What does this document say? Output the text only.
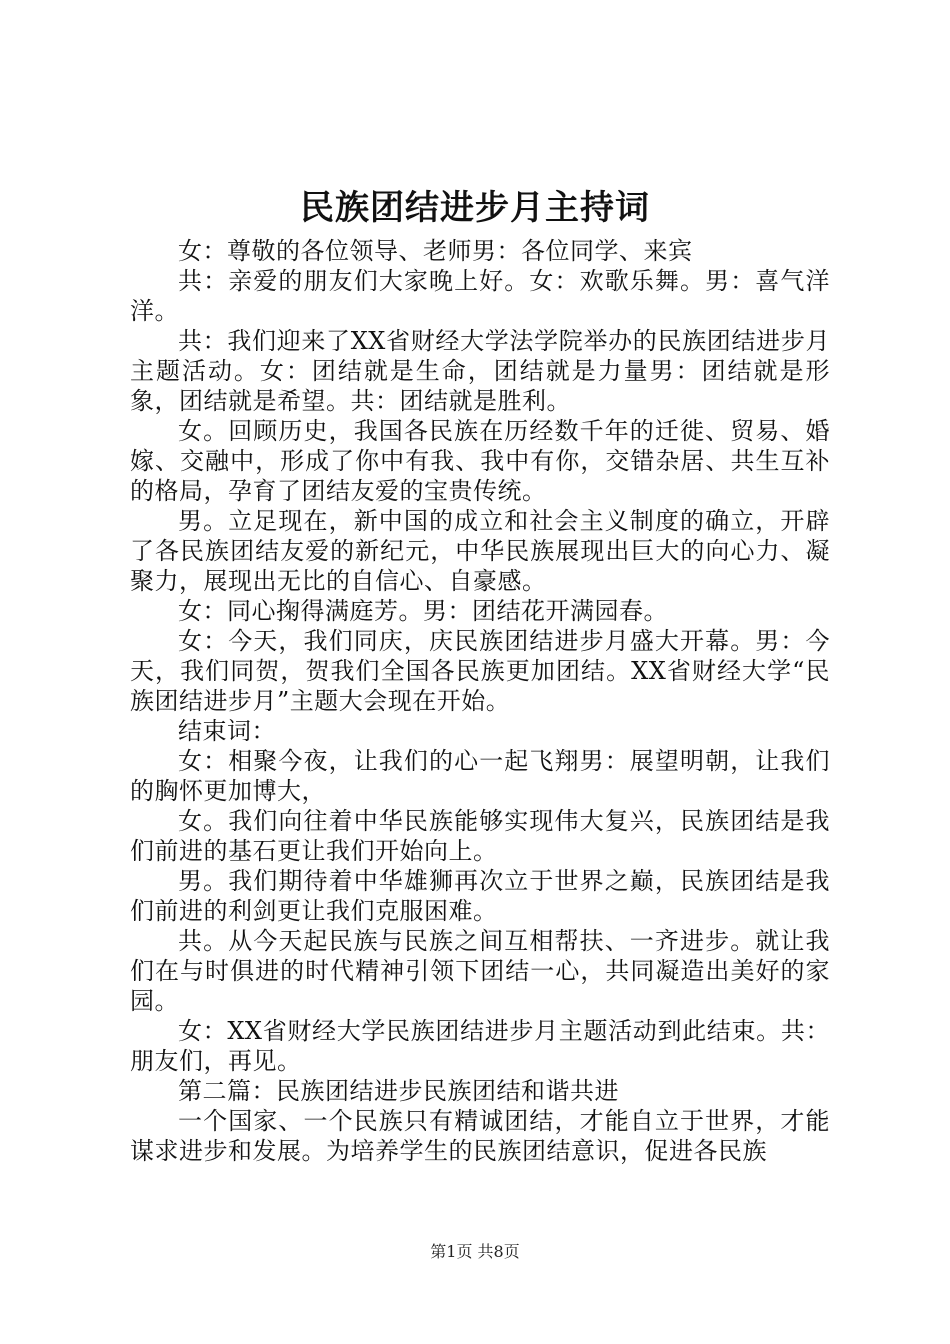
民族团结进步月主持词

女：尊敬的各位领导、老师男：各位同学、来宾

共：亲爱的朋友们大家晚上好。女：欢歌乐舞。男：喜气洋洋。

共：我们迎来了XX省财经大学法学院举办的民族团结进步月主题活动。女：团结就是生命，团结就是力量男：团结就是形象，团结就是希望。共：团结就是胜利。

女。回顾历史，我国各民族在历经数千年的迁徙、贸易、婚嫁、交融中，形成了你中有我、我中有你，交错杂居、共生互补的格局，孕育了团结友爱的宝贵传统。

男。立足现在，新中国的成立和社会主义制度的确立，开辟了各民族团结友爱的新纪元，中华民族展现出巨大的向心力、凝聚力，展现出无比的自信心、自豪感。

女：同心掬得满庭芳。男：团结花开满园春。

女：今天，我们同庆，庆民族团结进步月盛大开幕。男：今天，我们同贺，贺我们全国各民族更加团结。XX省财经大学“民族团结进步月”主题大会现在开始。

结束词：

女：相聚今夜，让我们的心一起飞翔男：展望明朝，让我们的胸怀更加博大，

女。我们向往着中华民族能够实现伟大复兴，民族团结是我们前进的基石更让我们开始向上。

男。我们期待着中华雄狮再次立于世界之巅，民族团结是我们前进的利剑更让我们克服困难。

共。从今天起民族与民族之间互相帮扶、一齐进步。就让我们在与时俱进的时代精神引领下团结一心，共同凝造出美好的家园。

女：XX省财经大学民族团结进步月主题活动到此结束。共：朋友们，再见。

第二篇：民族团结进步民族团结和谐共进

一个国家、一个民族只有精诚团结，才能自立于世界，才能谋求进步和发展。为培养学生的民族团结意识，促进各民族

第1页 共8页
